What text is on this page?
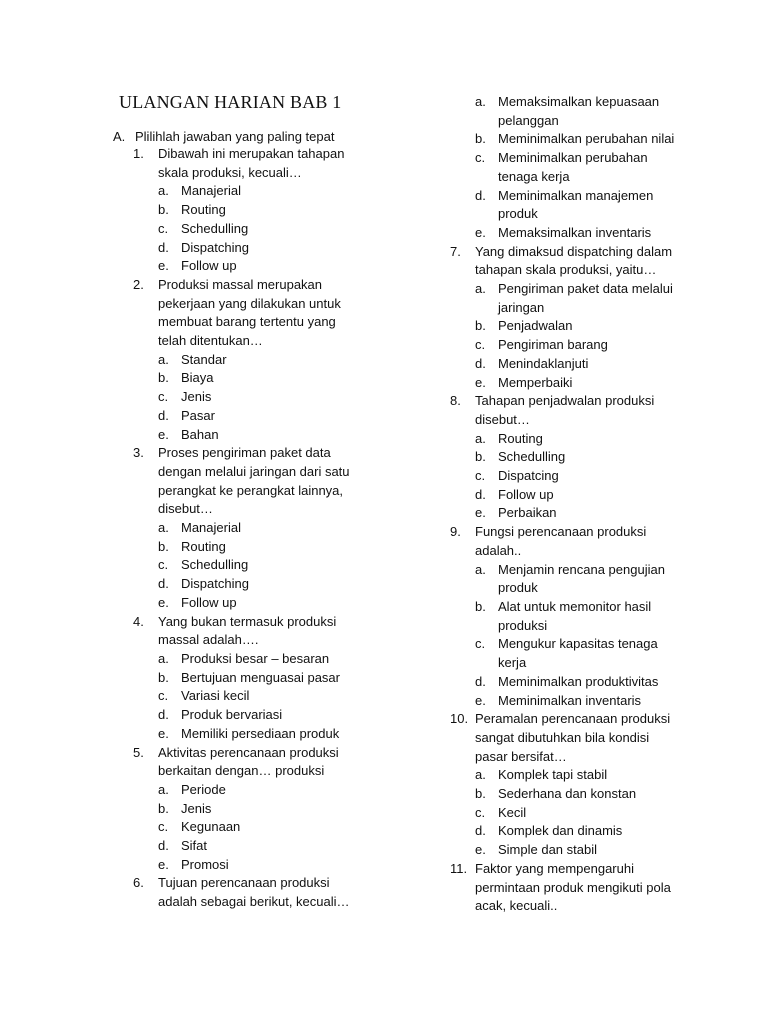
ULANGAN HARIAN BAB 1
A. Plilihlah jawaban yang paling tepat
1. Dibawah ini merupakan tahapan
skala produksi, kecuali…
a. Manajerial
b. Routing
c. Schedulling
d. Dispatching
e. Follow up
2. Produksi massal merupakan
pekerjaan yang dilakukan untuk
membuat barang tertentu yang
telah ditentukan…
a. Standar
b. Biaya
c. Jenis
d. Pasar
e. Bahan
3. Proses pengiriman paket data
dengan melalui jaringan dari satu
perangkat ke perangkat lainnya,
disebut…
a. Manajerial
b. Routing
c. Schedulling
d. Dispatching
e. Follow up
4. Yang bukan termasuk produksi
massal adalah….
a. Produksi besar – besaran
b. Bertujuan menguasai pasar
c. Variasi kecil
d. Produk bervariasi
e. Memiliki persediaan produk
5. Aktivitas perencanaan produksi
berkaitan dengan… produksi
a. Periode
b. Jenis
c. Kegunaan
d. Sifat
e. Promosi
6. Tujuan perencanaan produksi
adalah sebagai berikut, kecuali…
a. Memaksimalkan kepuasaan
pelanggan
b. Meminimalkan perubahan nilai
c. Meminimalkan perubahan
tenaga kerja
d. Meminimalkan manajemen
produk
e. Memaksimalkan inventaris
7. Yang dimaksud dispatching dalam
tahapan skala produksi, yaitu…
a. Pengiriman paket data melalui
jaringan
b. Penjadwalan
c. Pengiriman barang
d. Menindaklanjuti
e. Memperbaiki
8. Tahapan penjadwalan produksi
disebut…
a. Routing
b. Schedulling
c. Dispatcing
d. Follow up
e. Perbaikan
9. Fungsi perencanaan produksi
adalah..
a. Menjamin rencana pengujian
produk
b. Alat untuk memonitor hasil
produksi
c. Mengukur kapasitas tenaga
kerja
d. Meminimalkan produktivitas
e. Meminimalkan inventaris
10. Peramalan perencanaan produksi
sangat dibutuhkan bila kondisi
pasar bersifat…
a. Komplek tapi stabil
b. Sederhana dan konstan
c. Kecil
d. Komplek dan dinamis
e. Simple dan stabil
11. Faktor yang mempengaruhi
permintaan produk mengikuti pola
acak, kecuali..
